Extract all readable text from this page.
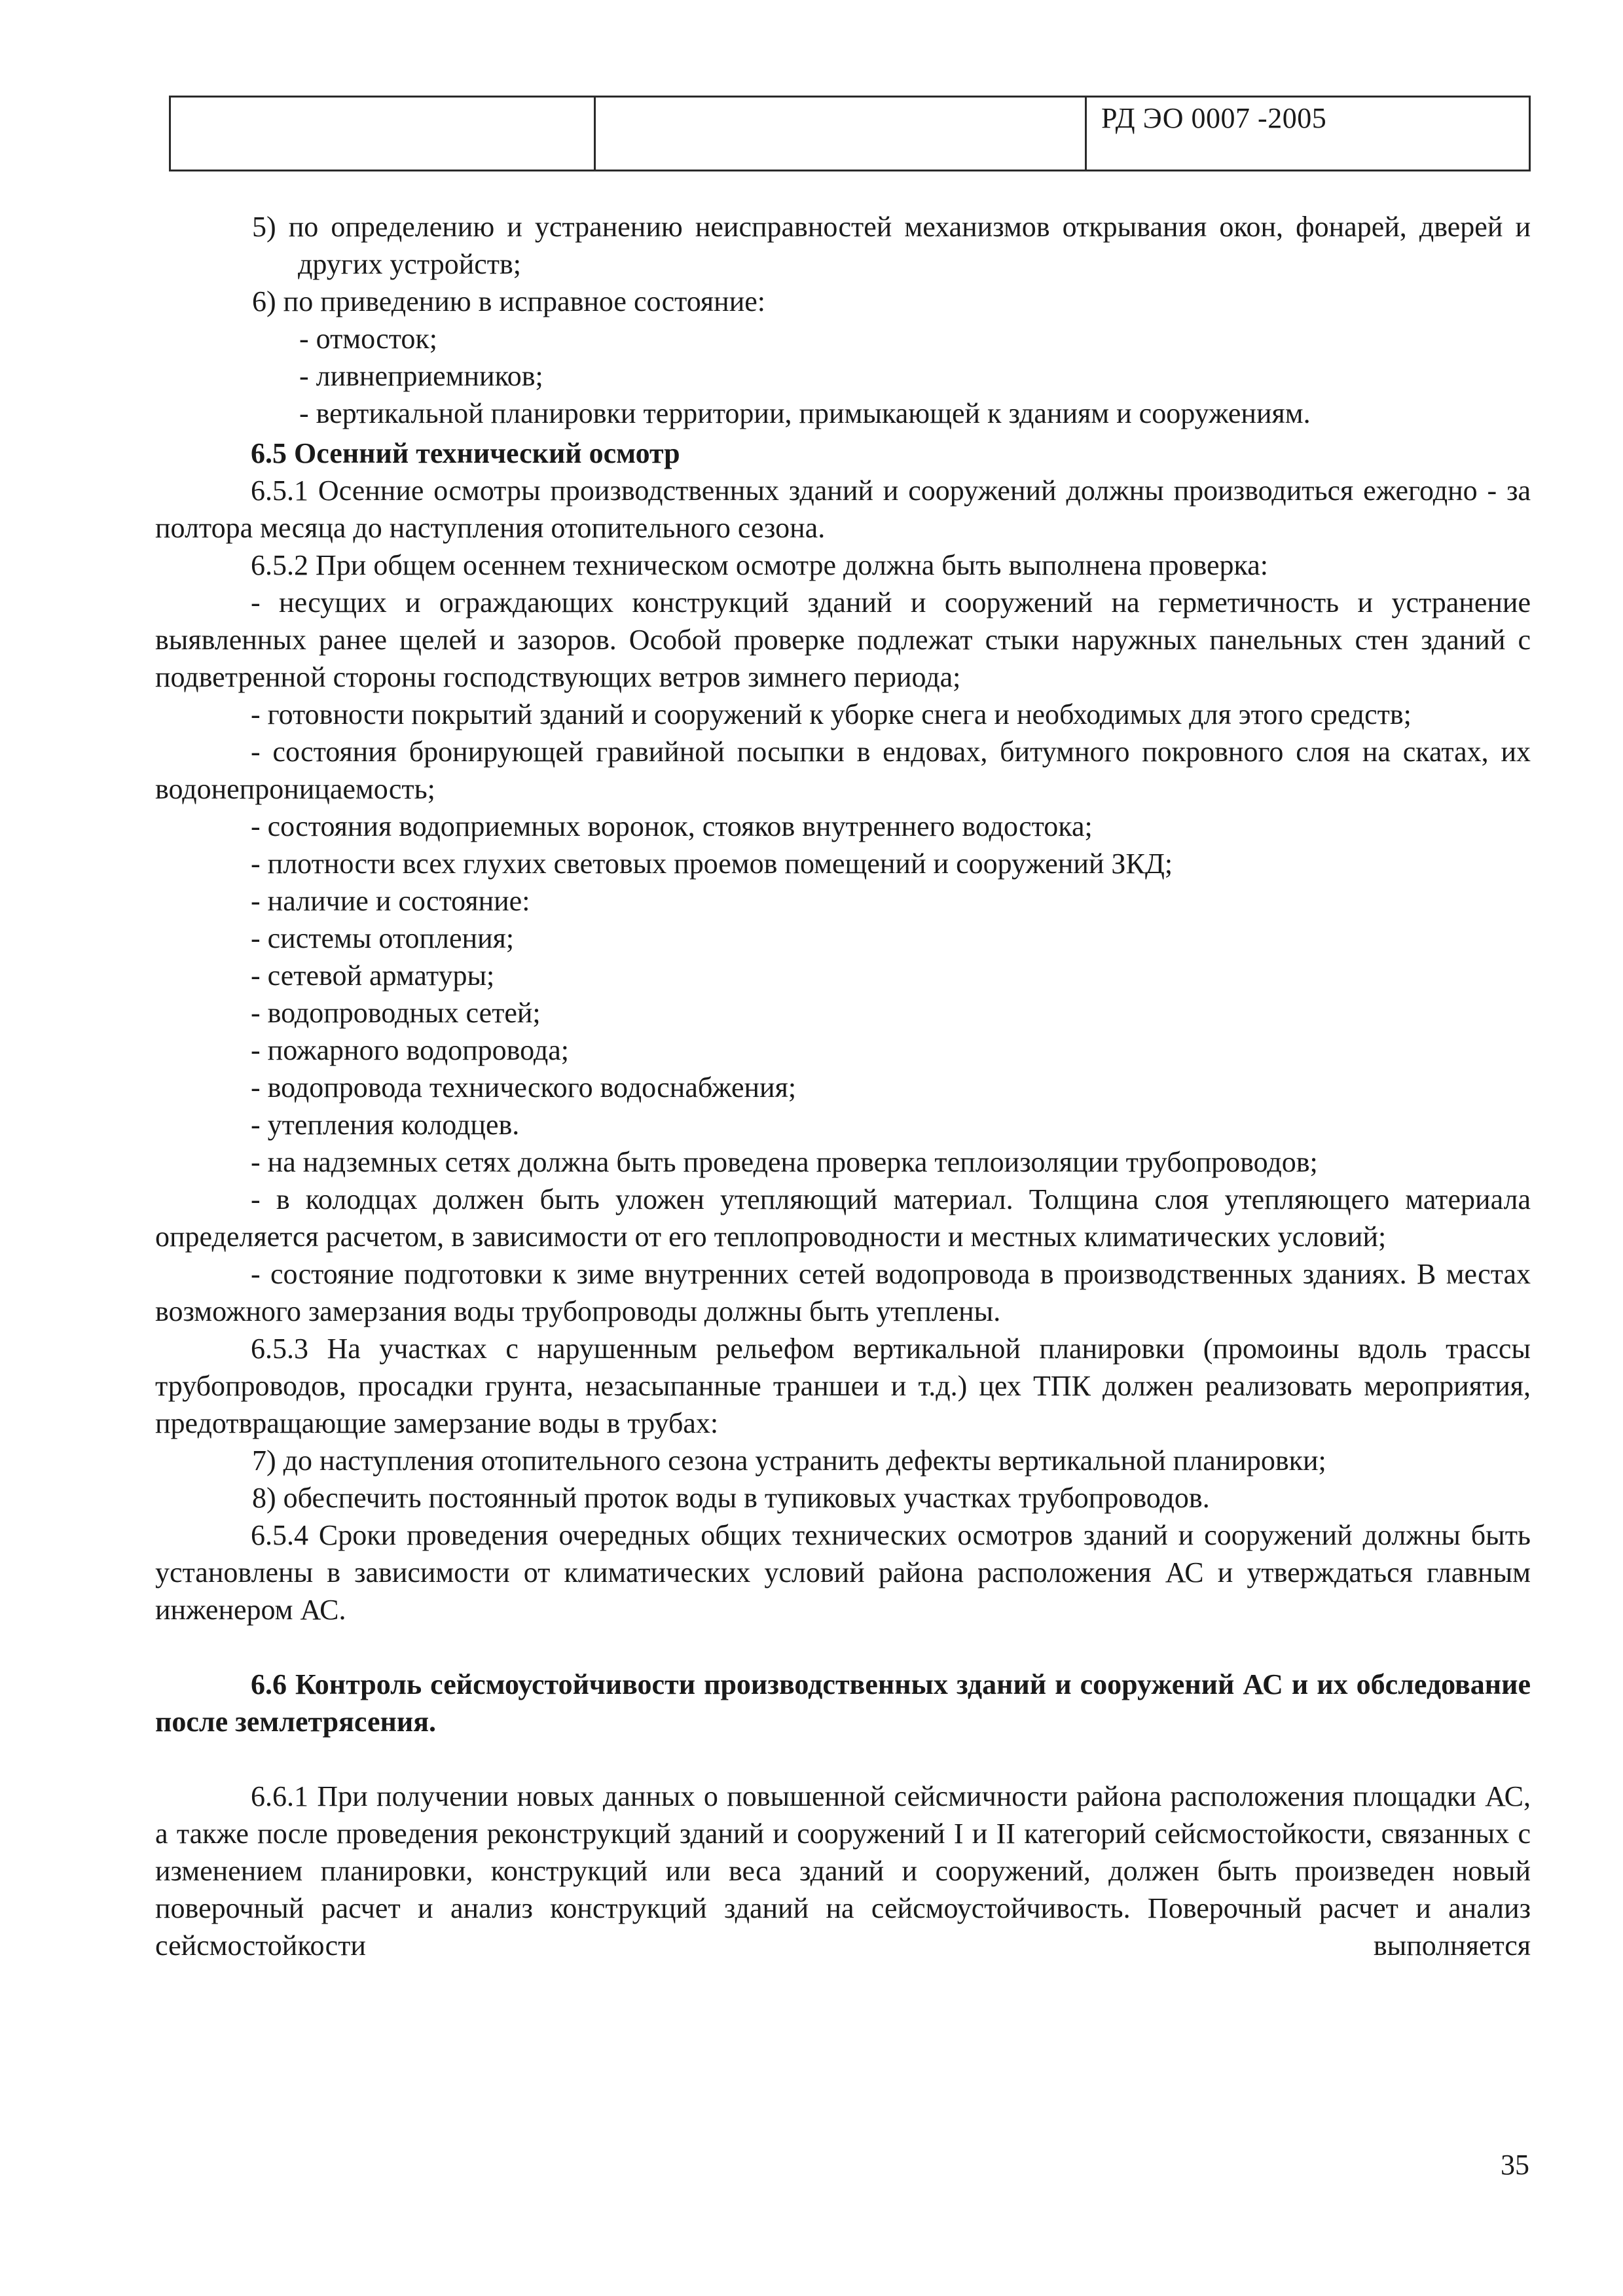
РД ЭО 0007 -2005

5) по определению и устранению неисправностей механизмов открывания окон, фонарей, дверей и других устройств;

6) по приведению в исправное состояние:

- отмосток;

- ливнеприемников;

- вертикальной планировки территории, примыкающей к зданиям и сооружениям.

6.5 Осенний технический осмотр

6.5.1 Осенние осмотры производственных зданий и сооружений должны производиться ежегодно - за полтора месяца до наступления отопительного сезона.

6.5.2 При общем осеннем техническом осмотре должна быть выполнена проверка:

- несущих и ограждающих конструкций зданий и сооружений на герметичность и устранение выявленных ранее щелей и зазоров. Особой проверке подлежат стыки наружных панельных стен зданий с подветренной стороны господствующих ветров зимнего периода;

- готовности покрытий зданий и сооружений к уборке снега и необходимых для этого средств;

- состояния бронирующей гравийной посыпки в ендовах, битумного покровного слоя на скатах, их водонепроницаемость;

- состояния водоприемных воронок, стояков внутреннего водостока;

- плотности всех глухих световых проемов помещений и сооружений ЗКД;

- наличие и состояние:

- системы отопления;

- сетевой арматуры;

- водопроводных сетей;

- пожарного водопровода;

- водопровода технического водоснабжения;

- утепления колодцев.

- на надземных сетях должна быть проведена проверка теплоизоляции трубопроводов;

- в колодцах должен быть уложен утепляющий материал. Толщина слоя утепляющего материала определяется расчетом, в зависимости от его теплопроводности и местных климатических условий;

- состояние подготовки к зиме внутренних сетей водопровода в производственных зданиях. В местах возможного замерзания воды трубопроводы должны быть утеплены.

6.5.3 На участках с нарушенным рельефом вертикальной планировки (промоины вдоль трассы трубопроводов, просадки грунта, незасыпанные траншеи и т.д.) цех ТПК должен реализовать мероприятия, предотвращающие замерзание воды в трубах:

7) до наступления отопительного сезона устранить дефекты вертикальной планировки;

8) обеспечить постоянный проток воды в тупиковых участках трубопроводов.

6.5.4 Сроки проведения очередных общих технических осмотров зданий и сооружений должны быть установлены в зависимости от климатических условий района расположения АС и утверждаться главным инженером АС.

6.6 Контроль сейсмоустойчивости производственных зданий и сооружений АС и их обследование после землетрясения.

6.6.1 При получении новых данных о повышенной сейсмичности района расположения площадки АС, а также после проведения реконструкций зданий и сооружений I и II категорий сейсмостойкости, связанных с изменением планировки, конструкций или веса зданий и сооружений, должен быть произведен новый поверочный расчет и анализ конструкций зданий на сейсмоустойчивость. Поверочный расчет и анализ сейсмостойкости выполняется

35
